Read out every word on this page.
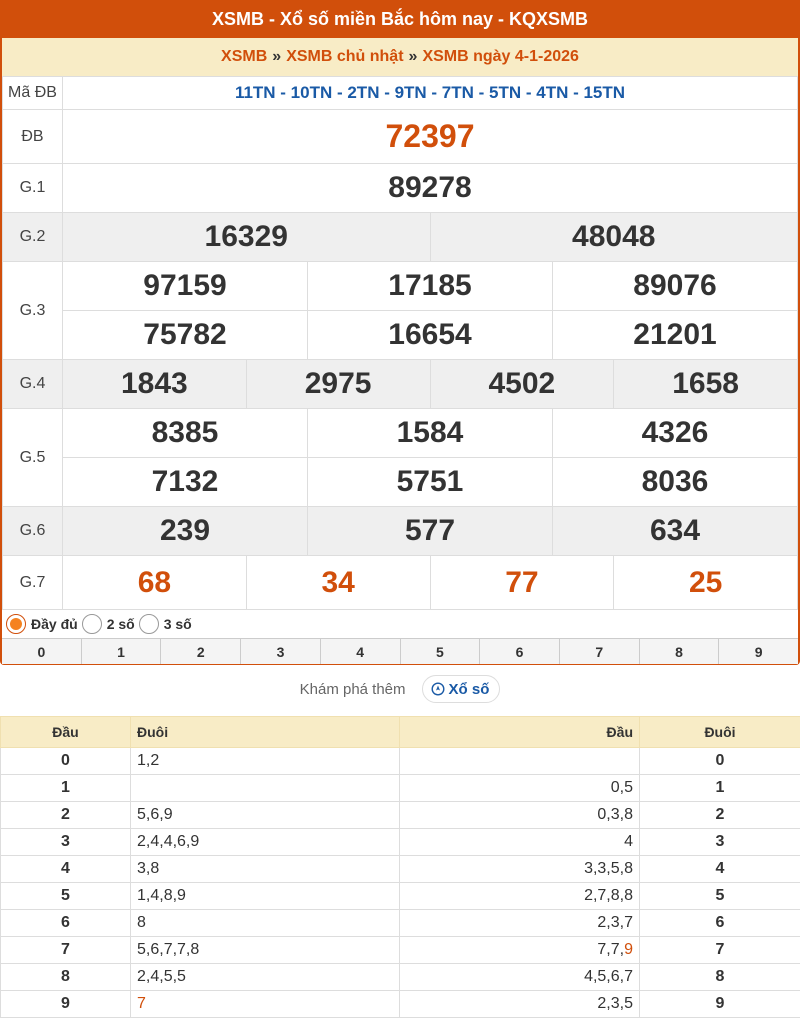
XSMB - Xổ số miền Bắc hôm nay - KQXSMB
XSMB » XSMB chủ nhật » XSMB ngày 4-1-2026
Mã ĐB	11TN - 10TN - 2TN - 9TN - 7TN - 5TN - 4TN - 15TN					
ĐB	72397					
G.1	89278					
G.2	16329			48048		
G.3	97159		17185		89076	
	75782		16654		21201	
G.4	1843	2975		4502		1658
G.5	8385		1584		4326	
	7132		5751		8036	
G.6	239		577		634	
G.7	68	34		77		25
Đầy đủ 2 số 3 số
0	1	2	3	4	5	6	7	8	9
Khám phá thêm	Xổ số
Đầu	Đuôi	Đầu	Đuôi
0	1,2		0
1		0,5	1
2	5,6,9	0,3,8	2
3	2,4,4,6,9	4	3
4	3,8	3,3,5,8	4
5	1,4,8,9	2,7,8,8	5
6	8	2,3,7	6
7	5,6,7,7,8	7,7,9	7
8	2,4,5,5	4,5,6,7	8
9	7	2,3,5	9
